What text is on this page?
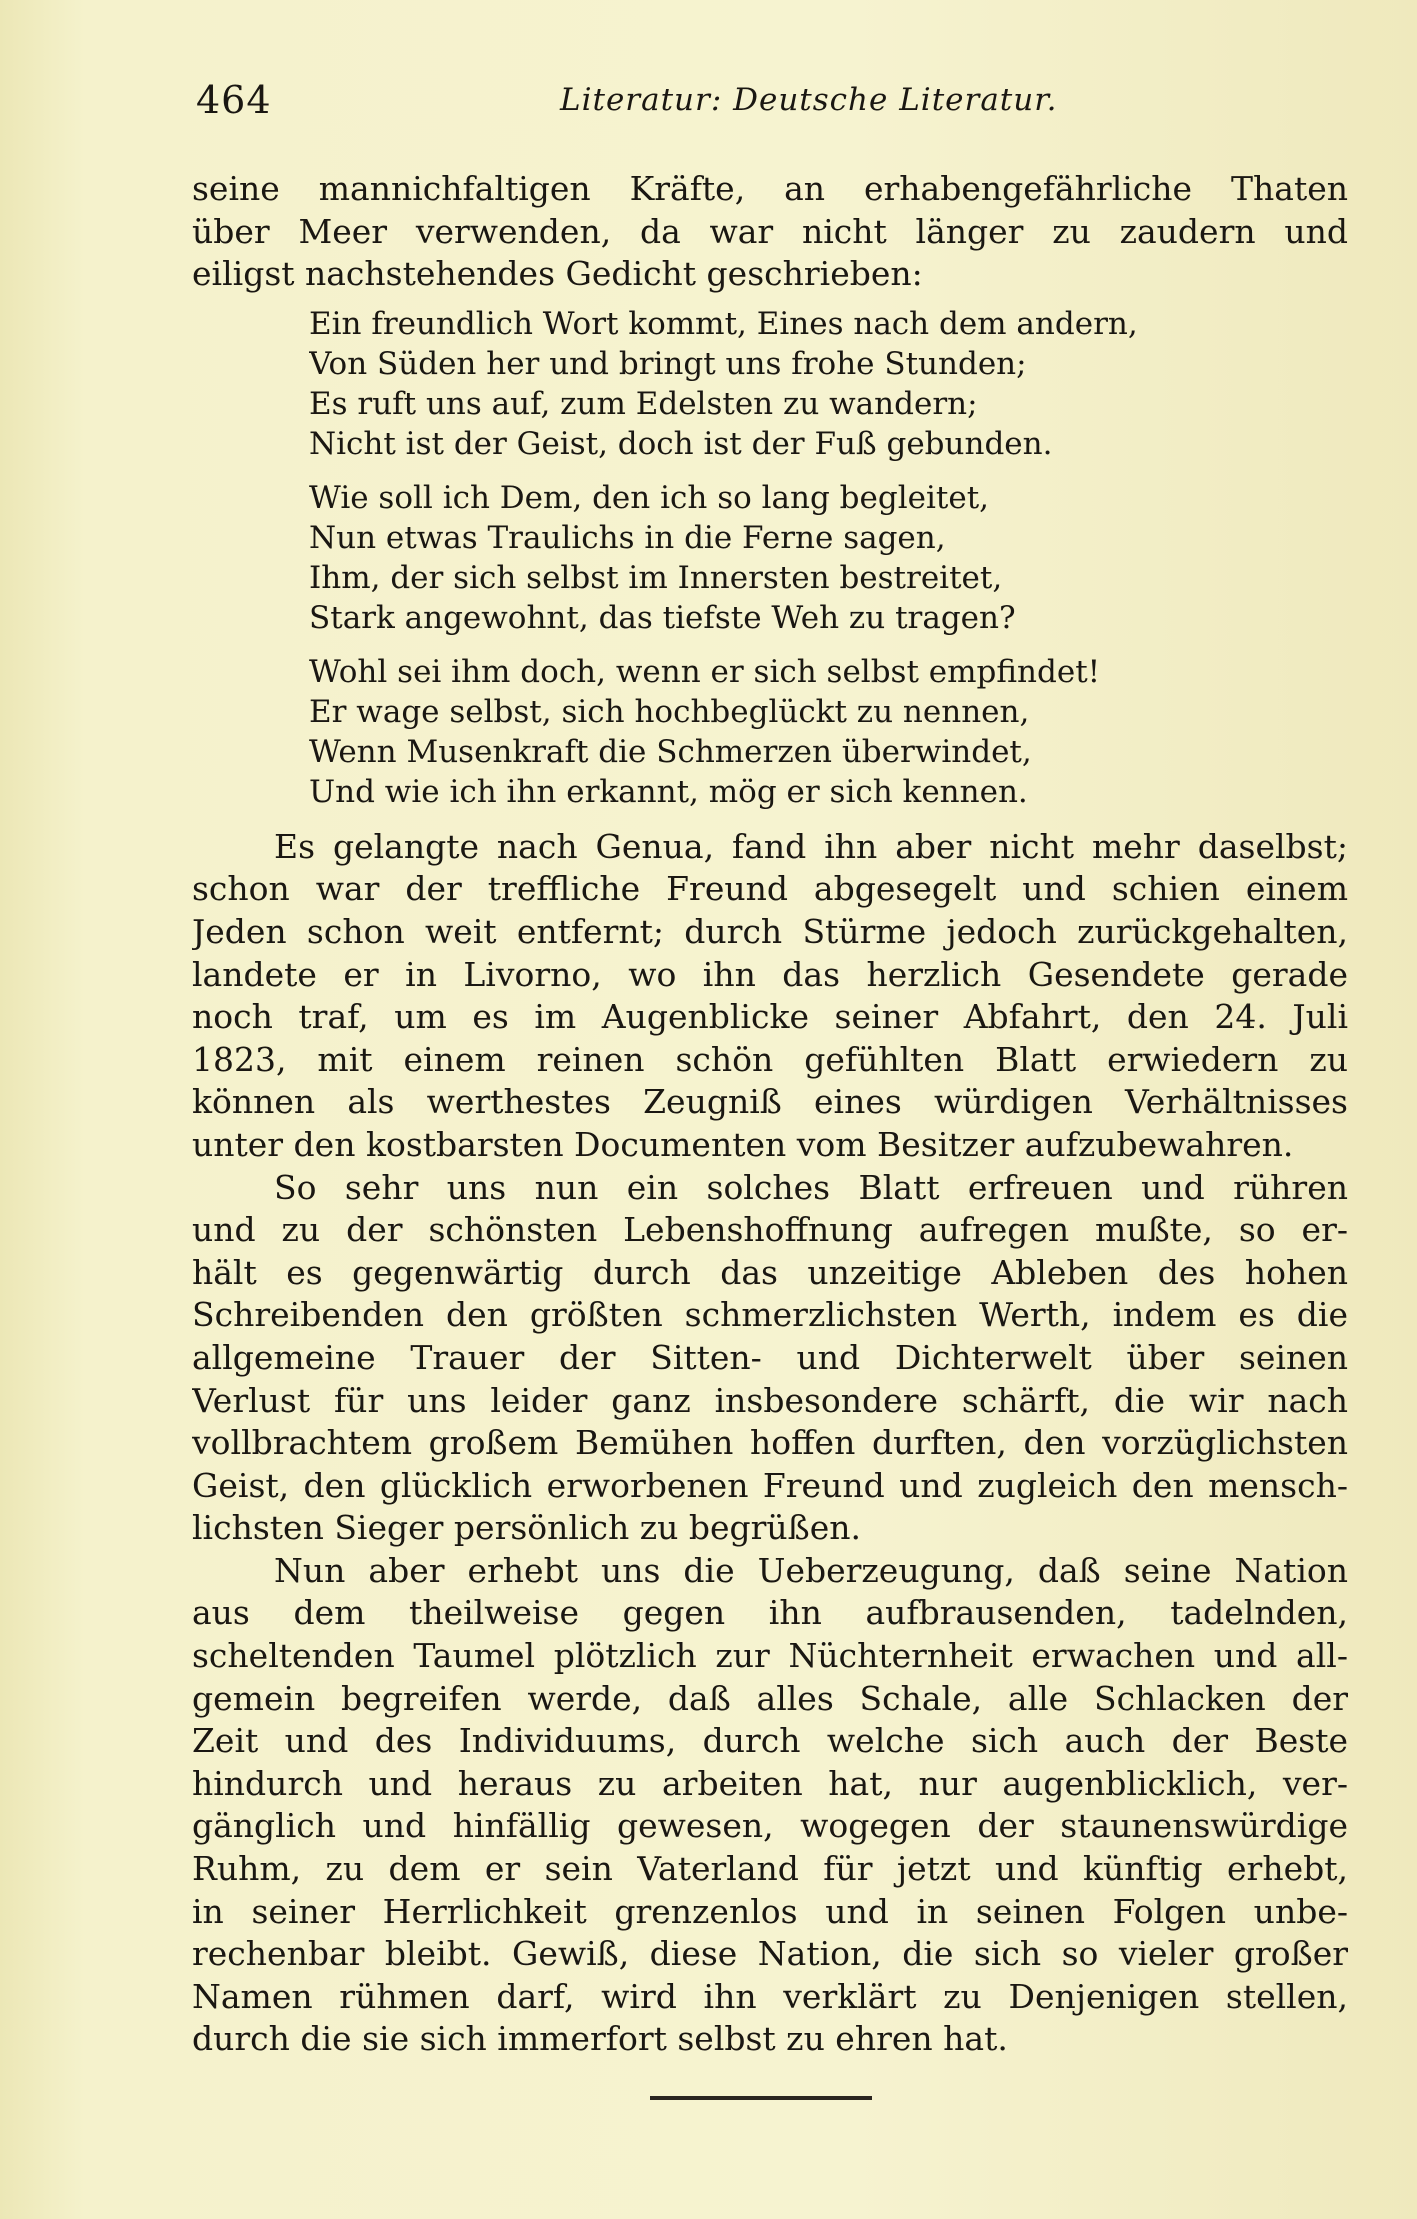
464	Literatur: Deutsche Literatur.
seine mannichfaltigen Kräfte, an erhabengefährliche Thaten
über Meer verwenden, da war nicht länger zu zaudern und
eiligst nachstehendes Gedicht geschrieben:
Ein freundlich Wort kommt, Eines nach dem andern,
Von Süden her und bringt uns frohe Stunden;
Es ruft uns auf, zum Edelsten zu wandern;
Nicht ist der Geist, doch ist der Fuß gebunden.
Wie soll ich Dem, den ich so lang begleitet,
Nun etwas Traulichs in die Ferne sagen,
Ihm, der sich selbst im Innersten bestreitet,
Stark angewohnt, das tiefste Weh zu tragen?
Wohl sei ihm doch, wenn er sich selbst empfindet!
Er wage selbst, sich hochbeglückt zu nennen,
Wenn Musenkraft die Schmerzen überwindet,
Und wie ich ihn erkannt, mög er sich kennen.
Es gelangte nach Genua, fand ihn aber nicht mehr daselbst;
schon war der treffliche Freund abgesegelt und schien einem
Jeden schon weit entfernt; durch Stürme jedoch zurückgehalten,
landete er in Livorno, wo ihn das herzlich Gesendete gerade
noch traf, um es im Augenblicke seiner Abfahrt, den 24. Juli
1823, mit einem reinen schön gefühlten Blatt erwiedern zu
können als werthestes Zeugniß eines würdigen Verhältnisses
unter den kostbarsten Documenten vom Besitzer aufzubewahren.
So sehr uns nun ein solches Blatt erfreuen und rühren
und zu der schönsten Lebenshoffnung aufregen mußte, so er-
hält es gegenwärtig durch das unzeitige Ableben des hohen
Schreibenden den größten schmerzlichsten Werth, indem es die
allgemeine Trauer der Sitten- und Dichterwelt über seinen
Verlust für uns leider ganz insbesondere schärft, die wir nach
vollbrachtem großem Bemühen hoffen durften, den vorzüglichsten
Geist, den glücklich erworbenen Freund und zugleich den mensch-
lichsten Sieger persönlich zu begrüßen.
Nun aber erhebt uns die Ueberzeugung, daß seine Nation
aus dem theilweise gegen ihn aufbrausenden, tadelnden,
scheltenden Taumel plötzlich zur Nüchternheit erwachen und all-
gemein begreifen werde, daß alles Schale, alle Schlacken der
Zeit und des Individuums, durch welche sich auch der Beste
hindurch und heraus zu arbeiten hat, nur augenblicklich, ver-
gänglich und hinfällig gewesen, wogegen der staunenswürdige
Ruhm, zu dem er sein Vaterland für jetzt und künftig erhebt,
in seiner Herrlichkeit grenzenlos und in seinen Folgen unbe-
rechenbar bleibt. Gewiß, diese Nation, die sich so vieler großer
Namen rühmen darf, wird ihn verklärt zu Denjenigen stellen,
durch die sie sich immerfort selbst zu ehren hat.
